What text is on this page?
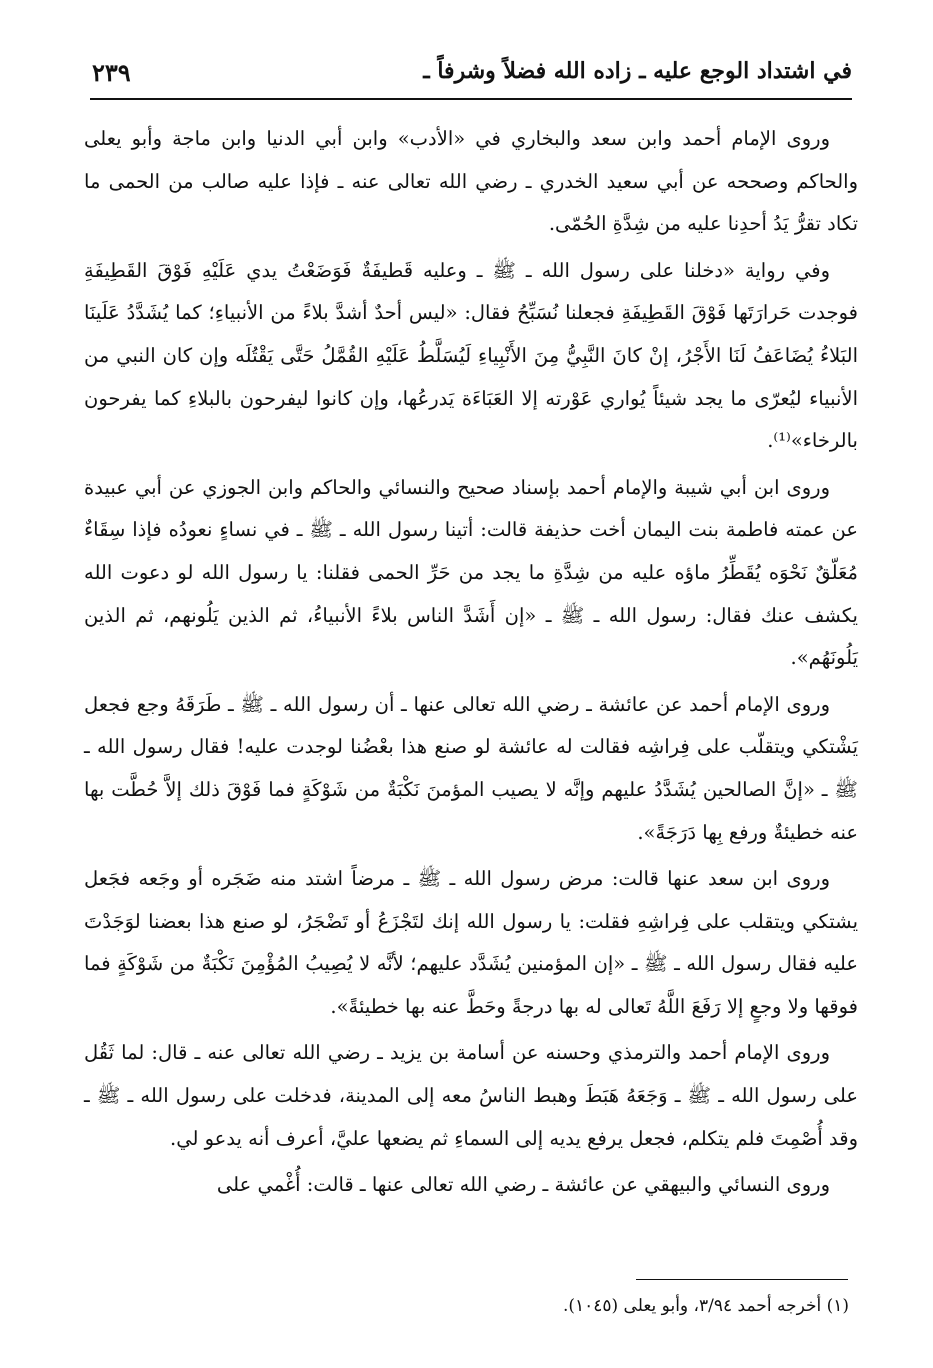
في اشتداد الوجع عليه ـ زاده الله فضلاً وشرفاً ـ
٢٣٩

وروى الإمام أحمد وابن سعد والبخاري في «الأدب» وابن أبي الدنيا وابن ماجة وأبو يعلى والحاكم وصححه عن أبي سعيد الخدري ـ رضي الله تعالى عنه ـ فإذا عليه صالب من الحمى ما تكاد تقرُّ يَدُ أحدِنا عليه من شِدَّةِ الحُمّى.

وفي رواية «دخلنا على رسول الله ـ ﷺ ـ وعليه قَطيفَةٌ فَوَضَعْتُ يدي عَلَيْهِ فَوْقَ القَطِيفَةِ فوجدت حَرارَتَها فَوْقَ القَطِيفَةِ فجعلنا نُسَبِّحُ فقال: «ليس أحدٌ أشدَّ بلاءً من الأنبياءِ؛ كما يُشَدَّدُ عَلَينَا البَلاءُ يُضَاعَفُ لَنَا الأَجْرُ، إنْ كانَ النَّبِيُّ مِنَ الأَنْبِياءِ لَيُسَلَّطُ عَلَيْهِ القُمَّلُ حَتَّى يَقْتُلَه وإن كان النبي من الأنبياء ليُعرّى ما يجد شيئاً يُواري عَوْرته إلا العَبَاءَة يَدرعُها، وإن كانوا ليفرحون بالبلاءِ كما يفرحون بالرخاء»⁽¹⁾.

وروى ابن أبي شيبة والإمام أحمد بإسناد صحيح والنسائي والحاكم وابن الجوزي عن أبي عبيدة عن عمته فاطمة بنت اليمان أخت حذيفة قالت: أتينا رسول الله ـ ﷺ ـ في نساءٍ نعودُه فإذا سِقَاءٌ مُعَلّقٌ نَحْوَه يُقَطِّرُ ماؤه عليه من شِدَّةِ ما يجد من حَرِّ الحمى فقلنا: يا رسول الله لو دعوت الله يكشف عنك فقال: رسول الله ـ ﷺ ـ «إن أَشَدَّ الناس بلاءً الأنبياءُ، ثم الذين يَلُونهم، ثم الذين يَلُونَهُم».

وروى الإمام أحمد عن عائشة ـ رضي الله تعالى عنها ـ أن رسول الله ـ ﷺ ـ طَرَقَهُ وجع فجعل يَشْتكي ويتقلّب على فِراشِه فقالت له عائشة لو صنع هذا بعْضُنا لوجدت عليه! فقال رسول الله ـ ﷺ ـ «إنَّ الصالحين يُشَدَّدُ عليهم وإنَّه لا يصيب المؤمنَ نَكْبَةٌ من شَوْكَةٍ فما فَوْقَ ذلك إلاَّ حُطَّت بها عنه خطيئةٌ ورفع بِها دَرَجَةً».

وروى ابن سعد عنها قالت: مرض رسول الله ـ ﷺ ـ مرضاً اشتد منه ضَجَره أو وجَعه فجَعل يشتكي ويتقلب على فِراشِهِ فقلت: يا رسول الله إنك لتَجْزَعُ أو تَضْجَرُ، لو صنع هذا بعضنا لوَجَدْتَ عليه فقال رسول الله ـ ﷺ ـ «إن المؤمنين يُشَدَّد عليهم؛ لأنَّه لا يُصِيبُ المُؤْمِنَ نَكْبَةٌ من شَوْكَةٍ فما فوقها ولا وجعٍ إلا رَفَعَ اللَّهُ تَعالى له بها درجةً وحَطَّ عنه بها خطيئةً».

وروى الإمام أحمد والترمذي وحسنه عن أسامة بن يزيد ـ رضي الله تعالى عنه ـ قال: لما ثَقُل على رسول الله ـ ﷺ ـ وَجَعَهُ هَبَطَ وهبط الناسُ معه إلى المدينة، فدخلت على رسول الله ـ ﷺ ـ وقد أُصْمِتَ فلم يتكلم، فجعل يرفع يديه إلى السماءِ ثم يضعها عليَّ، أعرف أنه يدعو لي.

وروى النسائي والبيهقي عن عائشة ـ رضي الله تعالى عنها ـ قالت: أُغْمي على

(١) أخرجه أحمد ٣/٩٤، وأبو يعلى (١٠٤٥).
